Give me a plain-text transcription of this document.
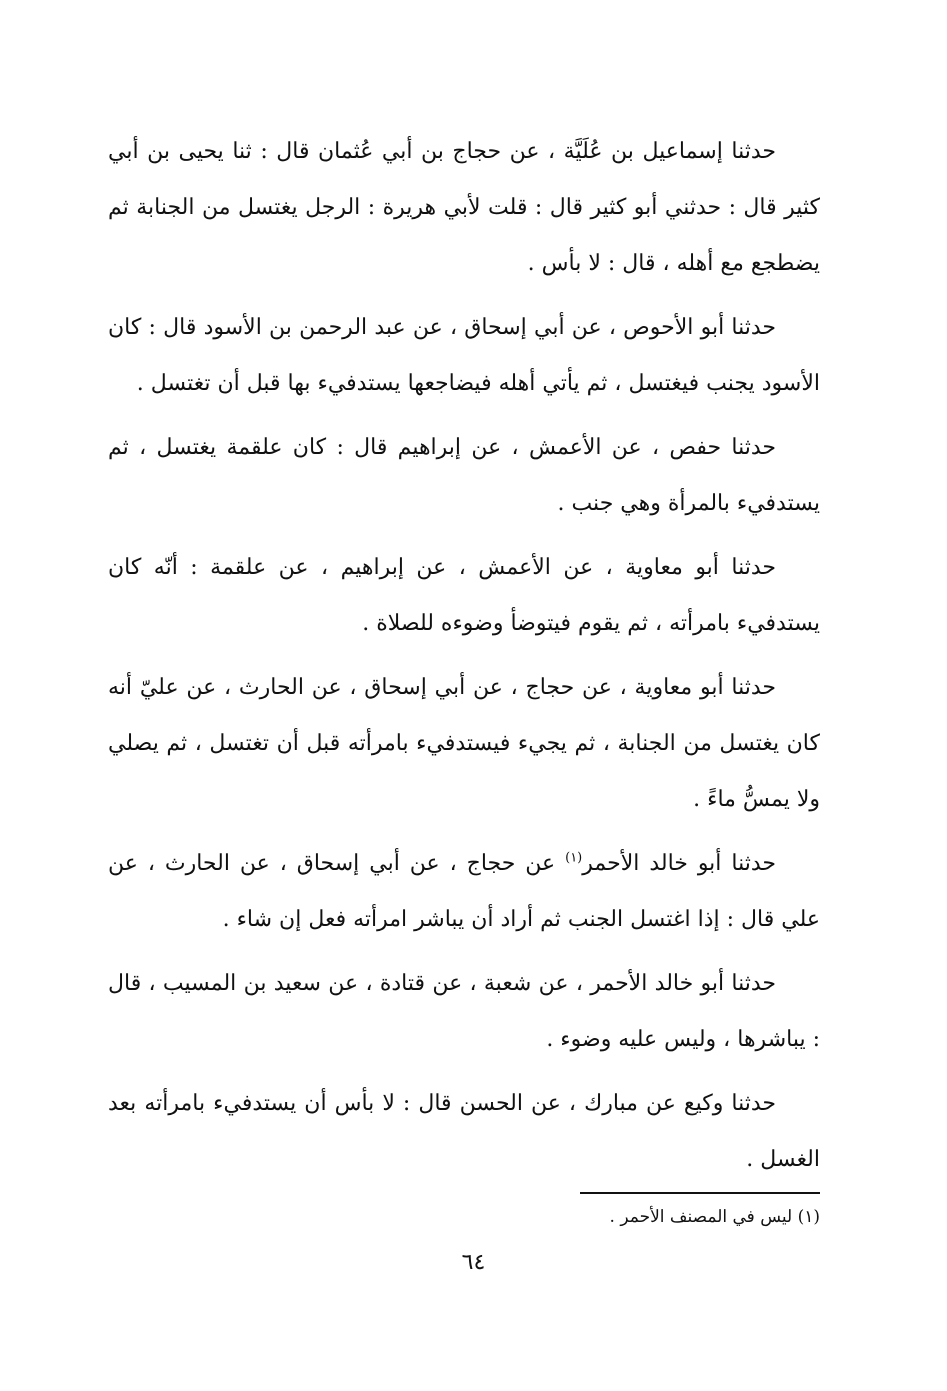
حدثنا إسماعيل بن عُلَيَّة ، عن حجاج بن أبي عُثمان قال : ثنا يحيى بن أبي كثير قال : حدثني أبو كثير قال : قلت لأبي هريرة : الرجل يغتسل من الجنابة ثم يضطجع مع أهله ، قال : لا بأس .

حدثنا أبو الأحوص ، عن أبي إسحاق ، عن عبد الرحمن بن الأسود قال : كان الأسود يجنب فيغتسل ، ثم يأتي أهله فيضاجعها يستدفيء بها قبل أن تغتسل .

حدثنا حفص ، عن الأعمش ، عن إبراهيم قال : كان علقمة يغتسل ، ثم يستدفيء بالمرأة وهي جنب .

حدثنا أبو معاوية ، عن الأعمش ، عن إبراهيم ، عن علقمة : أنّه كان يستدفيء بامرأته ، ثم يقوم فيتوضأ وضوءه للصلاة .

حدثنا أبو معاوية ، عن حجاج ، عن أبي إسحاق ، عن الحارث ، عن عليّ أنه كان يغتسل من الجنابة ، ثم يجيء فيستدفيء بامرأته قبل أن تغتسل ، ثم يصلي ولا يمسُّ ماءً .

حدثنا أبو خالد الأحمر$^{(١)}$ عن حجاج ، عن أبي إسحاق ، عن الحارث ، عن علي قال : إذا اغتسل الجنب ثم أراد أن يباشر امرأته فعل إن شاء .

حدثنا أبو خالد الأحمر ، عن شعبة ، عن قتادة ، عن سعيد بن المسيب ، قال : يباشرها ، وليس عليه وضوء .

حدثنا وكيع عن مبارك ، عن الحسن قال : لا بأس أن يستدفيء بامرأته بعد الغسل .

(١) ليس في المصنف الأحمر .
٦٤
